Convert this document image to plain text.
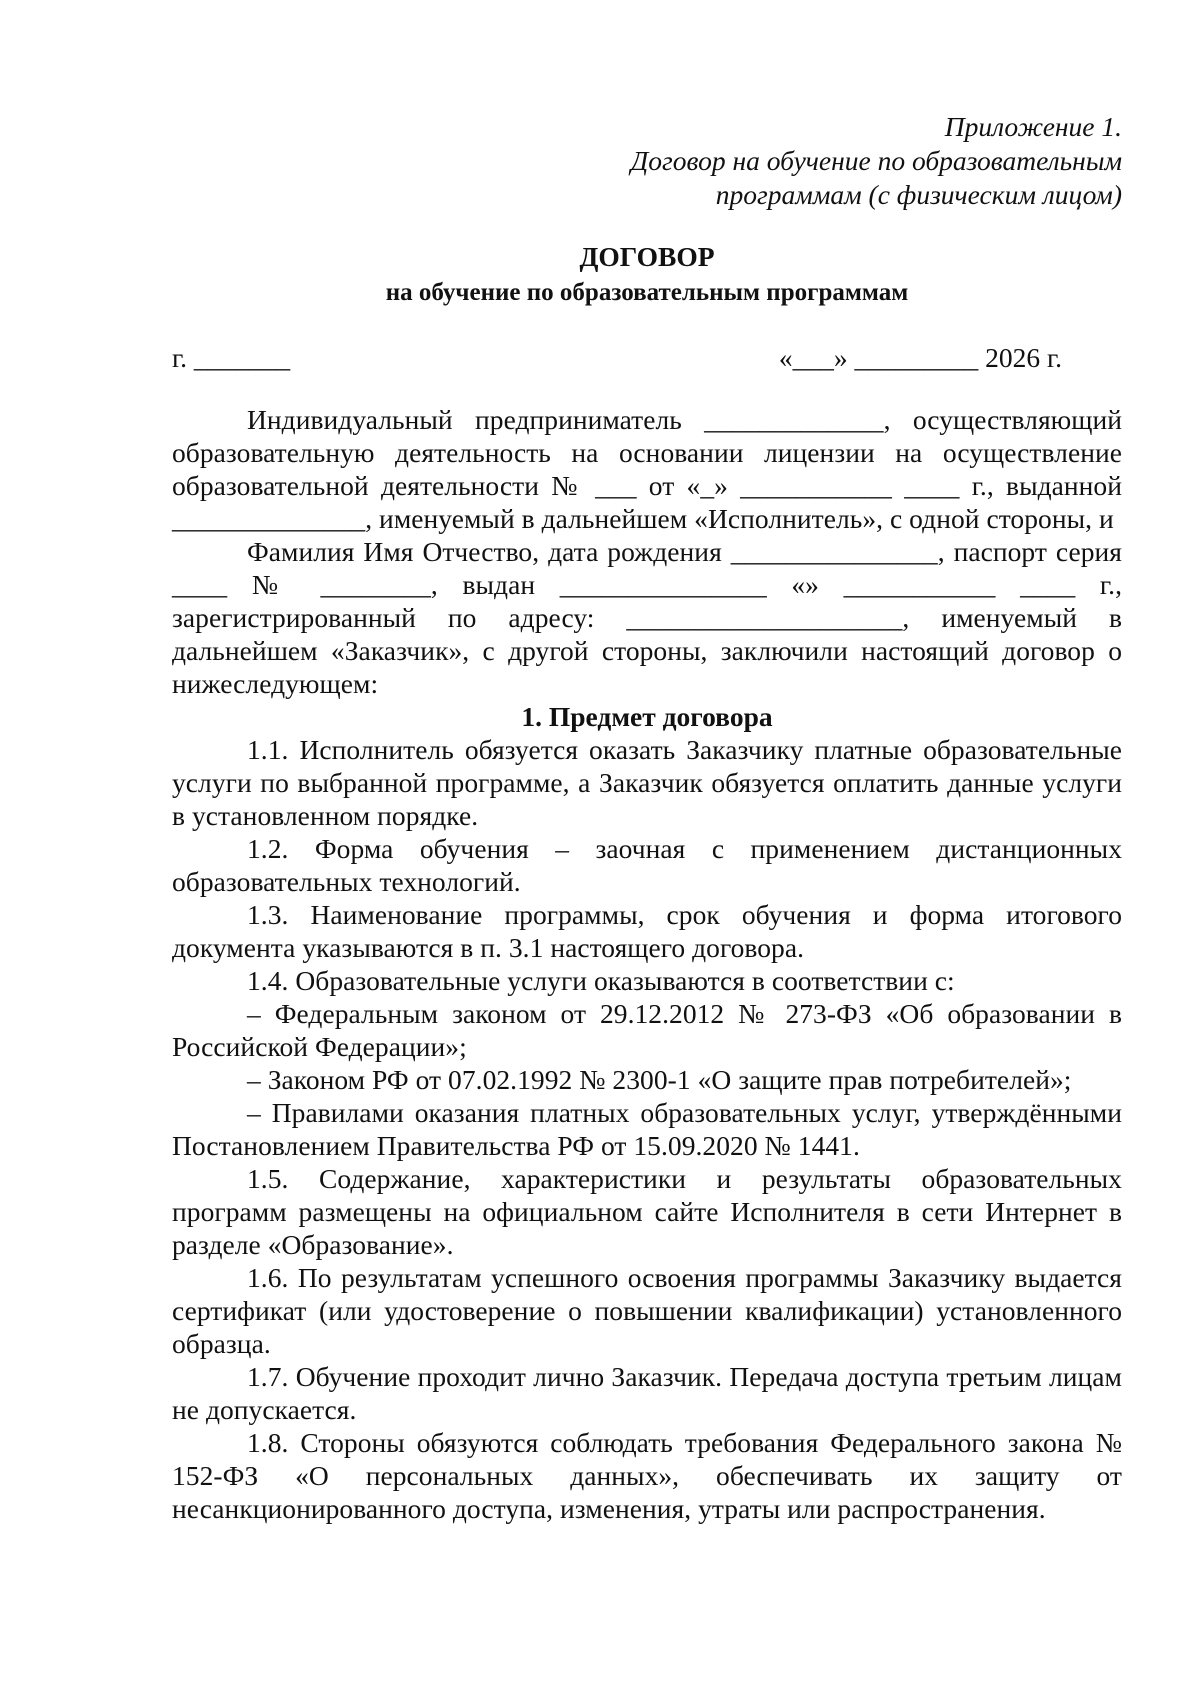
Приложение 1.
Договор на обучение по образовательным
программам (с физическим лицом)
ДОГОВОР
на обучение по образовательным программам
г. _______	«___» _________ 2026 г.

Индивидуальный предприниматель _____________, осуществляющий образовательную деятельность на основании лицензии на осуществление образовательной деятельности № ___ от «_» ___________ ____ г., выданной ______________, именуемый в дальнейшем «Исполнитель», с одной стороны, и

Фамилия Имя Отчество, дата рождения _______________, паспорт серия ____ № ________, выдан _______________ «» ___________ ____ г., зарегистрированный по адресу: ____________________, именуемый в дальнейшем «Заказчик», с другой стороны, заключили настоящий договор о нижеследующем:

1. Предмет договора

1.1. Исполнитель обязуется оказать Заказчику платные образовательные услуги по выбранной программе, а Заказчик обязуется оплатить данные услуги в установленном порядке.

1.2. Форма обучения – заочная с применением дистанционных образовательных технологий.

1.3. Наименование программы, срок обучения и форма итогового документа указываются в п. 3.1 настоящего договора.

1.4. Образовательные услуги оказываются в соответствии с:

– Федеральным законом от 29.12.2012 № 273-ФЗ «Об образовании в Российской Федерации»;

– Законом РФ от 07.02.1992 № 2300-1 «О защите прав потребителей»;

– Правилами оказания платных образовательных услуг, утверждёнными Постановлением Правительства РФ от 15.09.2020 № 1441.

1.5. Содержание, характеристики и результаты образовательных программ размещены на официальном сайте Исполнителя в сети Интернет в разделе «Образование».

1.6. По результатам успешного освоения программы Заказчику выдается сертификат (или удостоверение о повышении квалификации) установленного образца.

1.7. Обучение проходит лично Заказчик. Передача доступа третьим лицам не допускается.

1.8. Стороны обязуются соблюдать требования Федерального закона № 152-ФЗ «О персональных данных», обеспечивать их защиту от несанкционированного доступа, изменения, утраты или распространения.
